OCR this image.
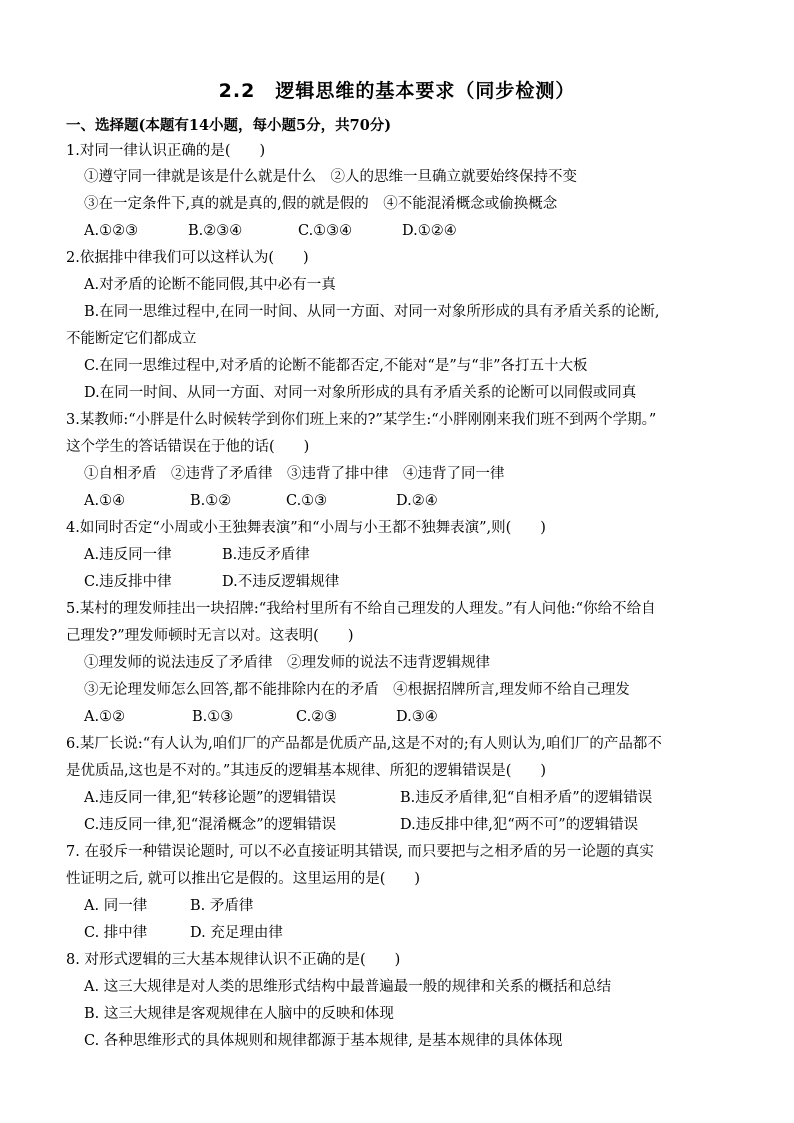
2.2　逻辑思维的基本要求（同步检测）
一、选择题(本题有14小题，每小题5分，共70分)
1.对同一律认识正确的是(　　)
①遵守同一律就是该是什么就是什么　②人的思维一旦确立就要始终保持不变
③在一定条件下,真的就是真的,假的就是假的　④不能混淆概念或偷换概念
A.①②③	B.②③④	C.①③④	D.①②④
2.依据排中律我们可以这样认为(　　)
A.对矛盾的论断不能同假,其中必有一真
B.在同一思维过程中,在同一时间、从同一方面、对同一对象所形成的具有矛盾关系的论断,
不能断定它们都成立
C.在同一思维过程中,对矛盾的论断不能都否定,不能对“是”与“非”各打五十大板
D.在同一时间、从同一方面、对同一对象所形成的具有矛盾关系的论断可以同假或同真
3.某教师:“小胖是什么时候转学到你们班上来的?”某学生:“小胖刚刚来我们班不到两个学期。”
这个学生的答话错误在于他的话(　　)
①自相矛盾　②违背了矛盾律　③违背了排中律　④违背了同一律
A.①④	B.①②	C.①③	D.②④
4.如同时否定“小周或小王独舞表演”和“小周与小王都不独舞表演”,则(　　)
A.违反同一律	B.违反矛盾律
C.违反排中律	D.不违反逻辑规律
5.某村的理发师挂出一块招牌:“我给村里所有不给自己理发的人理发。”有人问他:“你给不给自
己理发?”理发师顿时无言以对。这表明(　　)
①理发师的说法违反了矛盾律　②理发师的说法不违背逻辑规律
③无论理发师怎么回答,都不能排除内在的矛盾　④根据招牌所言,理发师不给自己理发
A.①②	B.①③	C.②③	D.③④
6.某厂长说:“有人认为,咱们厂的产品都是优质产品,这是不对的;有人则认为,咱们厂的产品都不
是优质品,这也是不对的。”其违反的逻辑基本规律、所犯的逻辑错误是(　　)
A.违反同一律,犯“转移论题”的逻辑错误	B.违反矛盾律,犯“自相矛盾”的逻辑错误
C.违反同一律,犯“混淆概念”的逻辑错误	D.违反排中律,犯“两不可”的逻辑错误
7. 在驳斥一种错误论题时, 可以不必直接证明其错误, 而只要把与之相矛盾的另一论题的真实
性证明之后, 就可以推出它是假的。这里运用的是(　　)
A. 同一律	B. 矛盾律
C. 排中律	D. 充足理由律
8. 对形式逻辑的三大基本规律认识不正确的是(　　)
A. 这三大规律是对人类的思维形式结构中最普遍最一般的规律和关系的概括和总结
B. 这三大规律是客观规律在人脑中的反映和体现
C. 各种思维形式的具体规则和规律都源于基本规律, 是基本规律的具体体现
